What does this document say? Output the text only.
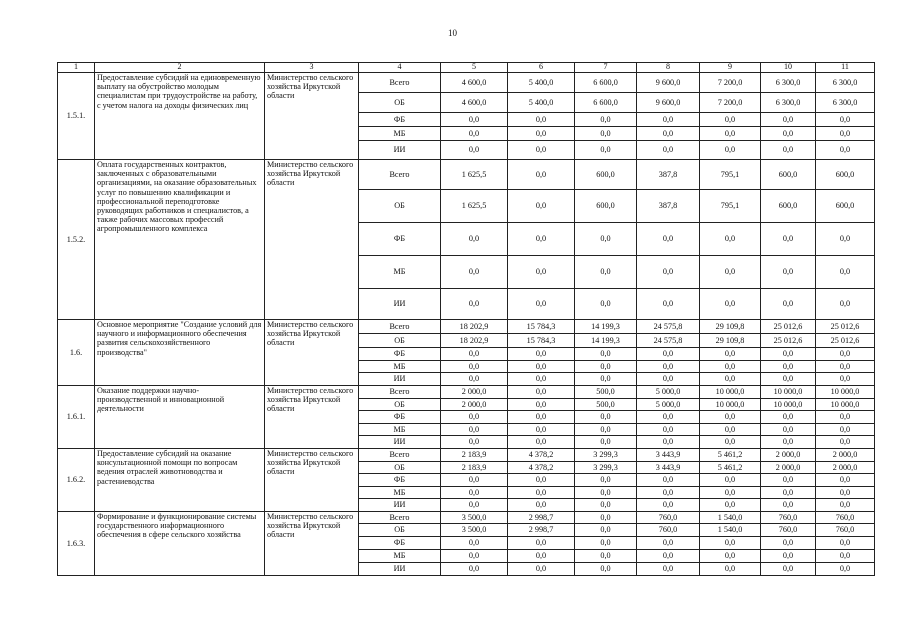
10
1	2	3	4	5	6	7	8	9	10	11
1.5.1.	Предоставление субсидий на единовременную выплату на обустройство молодым специалистам при трудоустройстве на работу, с учетом налога на доходы физических лиц	Министерство сельского хозяйства Иркутской области	Всего	4 600,0	5 400,0	6 600,0	9 600,0	7 200,0	6 300,0	6 300,0
			ОБ	4 600,0	5 400,0	6 600,0	9 600,0	7 200,0	6 300,0	6 300,0
			ФБ	0,0	0,0	0,0	0,0	0,0	0,0	0,0
			МБ	0,0	0,0	0,0	0,0	0,0	0,0	0,0
			ИИ	0,0	0,0	0,0	0,0	0,0	0,0	0,0
1.5.2.	Оплата государственных контрактов, заключенных с образовательными организациями, на оказание образовательных услуг по повышению квалификации и профессиональной переподготовке руководящих работников и специалистов, а также рабочих массовых профессий агропромышленного комплекса	Министерство сельского хозяйства Иркутской области	Всего	1 625,5	0,0	600,0	387,8	795,1	600,0	600,0
			ОБ	1 625,5	0,0	600,0	387,8	795,1	600,0	600,0
			ФБ	0,0	0,0	0,0	0,0	0,0	0,0	0,0
			МБ	0,0	0,0	0,0	0,0	0,0	0,0	0,0
			ИИ	0,0	0,0	0,0	0,0	0,0	0,0	0,0
1.6.	Основное мероприятие "Создание условий для научного и информационного обеспечения развития сельскохозяйственного производства"	Министерство сельского хозяйства Иркутской области	Всего	18 202,9	15 784,3	14 199,3	24 575,8	29 109,8	25 012,6	25 012,6
			ОБ	18 202,9	15 784,3	14 199,3	24 575,8	29 109,8	25 012,6	25 012,6
			ФБ	0,0	0,0	0,0	0,0	0,0	0,0	0,0
			МБ	0,0	0,0	0,0	0,0	0,0	0,0	0,0
			ИИ	0,0	0,0	0,0	0,0	0,0	0,0	0,0
1.6.1.	Оказание поддержки научно-производственной и инновационной деятельности	Министерство сельского хозяйства Иркутской области	Всего	2 000,0	0,0	500,0	5 000,0	10 000,0	10 000,0	10 000,0
			ОБ	2 000,0	0,0	500,0	5 000,0	10 000,0	10 000,0	10 000,0
			ФБ	0,0	0,0	0,0	0,0	0,0	0,0	0,0
			МБ	0,0	0,0	0,0	0,0	0,0	0,0	0,0
			ИИ	0,0	0,0	0,0	0,0	0,0	0,0	0,0
1.6.2.	Предоставление субсидий на оказание консультационной помощи по вопросам ведения отраслей животноводства и растениеводства	Министерство сельского хозяйства Иркутской области	Всего	2 183,9	4 378,2	3 299,3	3 443,9	5 461,2	2 000,0	2 000,0
			ОБ	2 183,9	4 378,2	3 299,3	3 443,9	5 461,2	2 000,0	2 000,0
			ФБ	0,0	0,0	0,0	0,0	0,0	0,0	0,0
			МБ	0,0	0,0	0,0	0,0	0,0	0,0	0,0
			ИИ	0,0	0,0	0,0	0,0	0,0	0,0	0,0
1.6.3.	Формирование и функционирование системы государственного информационного обеспечения в сфере сельского хозяйства	Министерство сельского хозяйства Иркутской области	Всего	3 500,0	2 998,7	0,0	760,0	1 540,0	760,0	760,0
			ОБ	3 500,0	2 998,7	0,0	760,0	1 540,0	760,0	760,0
			ФБ	0,0	0,0	0,0	0,0	0,0	0,0	0,0
			МБ	0,0	0,0	0,0	0,0	0,0	0,0	0,0
			ИИ	0,0	0,0	0,0	0,0	0,0	0,0	0,0
